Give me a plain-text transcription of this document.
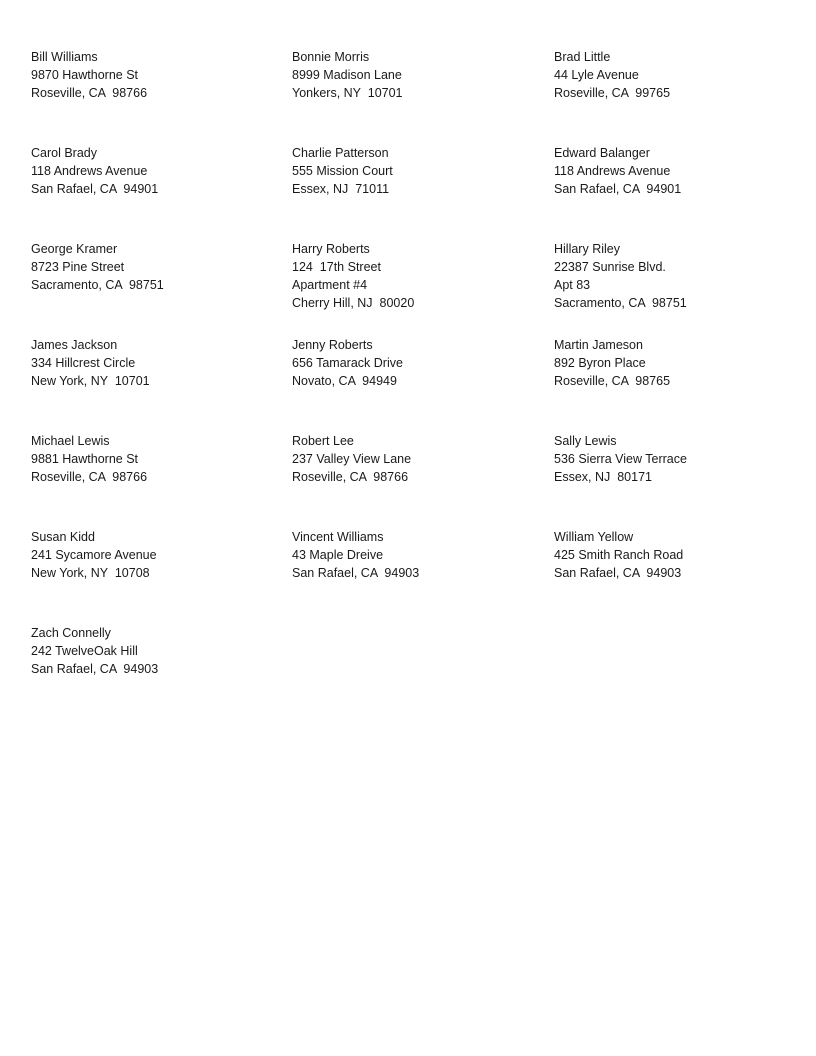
Bill Williams
9870 Hawthorne St
Roseville, CA  98766
Bonnie Morris
8999 Madison Lane
Yonkers, NY  10701
Brad Little
44 Lyle Avenue
Roseville, CA  99765
Carol Brady
118 Andrews Avenue
San Rafael, CA  94901
Charlie Patterson
555 Mission Court
Essex, NJ  71011
Edward Balanger
118 Andrews Avenue
San Rafael, CA  94901
George Kramer
8723 Pine Street
Sacramento, CA  98751
Harry Roberts
124  17th Street
Apartment #4
Cherry Hill, NJ  80020
Hillary Riley
22387 Sunrise Blvd.
Apt 83
Sacramento, CA  98751
James Jackson
334 Hillcrest Circle
New York, NY  10701
Jenny Roberts
656 Tamarack Drive
Novato, CA  94949
Martin Jameson
892 Byron Place
Roseville, CA  98765
Michael Lewis
9881 Hawthorne St
Roseville, CA  98766
Robert Lee
237 Valley View Lane
Roseville, CA  98766
Sally Lewis
536 Sierra View Terrace
Essex, NJ  80171
Susan Kidd
241 Sycamore Avenue
New York, NY  10708
Vincent Williams
43 Maple Dreive
San Rafael, CA  94903
William Yellow
425 Smith Ranch Road
San Rafael, CA  94903
Zach Connelly
242 TwelveOak Hill
San Rafael, CA  94903
